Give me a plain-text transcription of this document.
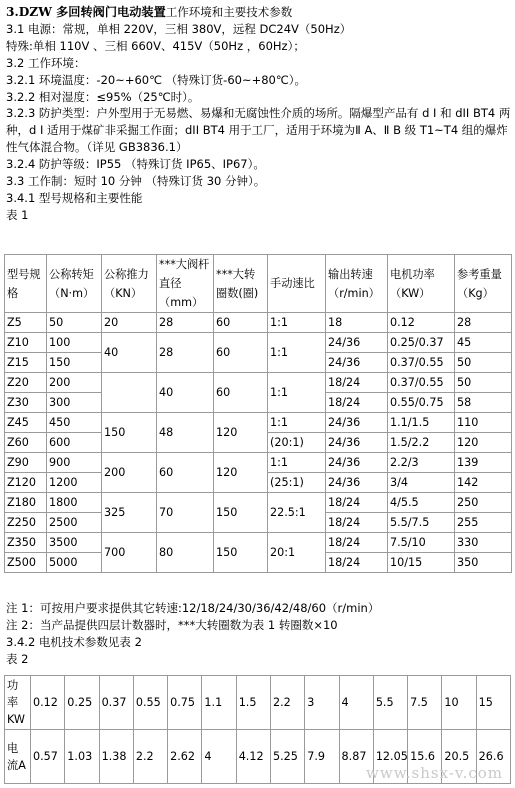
3.DZW 多回转阀门电动装置工作环境和主要技术参数
3.1 电源：常规，单相 220V，三相 380V，远程 DC24V（50Hz）
特殊:单相 110V 、三相 660V、415V（50Hz ，60Hz）；
3.2 工作环境：
3.2.1 环境温度：-20~+60℃ （特殊订货-60~+80℃）。
3.2.2 相对湿度：≤95%（25℃时）。
3.2.3 防护类型：户外型用于无易燃、易爆和无腐蚀性介质的场所。隔爆型产品有 d I 和 dII BT4 两种，d I 适用于煤矿非采掘工作面；dII BT4 用于工厂，适用于环境为Ⅱ A、Ⅱ B 级 T1~T4 组的爆炸性气体混合物。（详见 GB3836.1）
3.2.4 防护等级：IP55 （特殊订货 IP65、IP67）。
3.3 工作制：短时 10 分钟 （特殊订货 30 分钟）。
3.4.1 型号规格和主要性能
表 1
型号规格	公称转矩（N·m）	公称推力（KN）	***大阀杆直径（mm）	***大转圈数(圈)	手动速比	输出转速（r/min）	电机功率（KW）	参考重量（Kg）
Z5	50	20	28	60	1:1	18	0.12	28
Z10	100	40	28	60	1:1	24/36	0.25/0.37	45
Z15	150					24/36	0.37/0.55	50
Z20	200		40	60	1:1	18/24	0.37/0.55	50
Z30	300					18/24	0.55/0.75	58
Z45	450	150	48	120	1:1	24/36	1.1/1.5	110
Z60	600				(20:1)	24/36	1.5/2.2	120
Z90	900	200	60	120	1:1	24/36	2.2/3	139
Z120	1200				(25:1)	24/36	3/4	142
Z180	1800	325	70	150	22.5:1	18/24	4/5.5	250
Z250	2500					18/24	5.5/7.5	255
Z350	3500	700	80	150	20:1	18/24	7.5/10	330
Z500	5000					18/24	10/15	350
注 1：可按用户要求提供其它转速:12/18/24/30/36/42/48/60（r/min）
注 2：当产品提供四层计数器时，***大转圈数为表 1 转圈数×10
3.4.2 电机技术参数见表 2
表 2
功率KW	0.12	0.25	0.37	0.55	0.75	1.1	1.5	2.2	3	4	5.5	7.5	10	15
电流A	0.57	1.03	1.38	2.2	2.62	4	4.12	5.25	7.9	8.87	12.05	15.6	20.5	26.6
www.shsx-v.com
